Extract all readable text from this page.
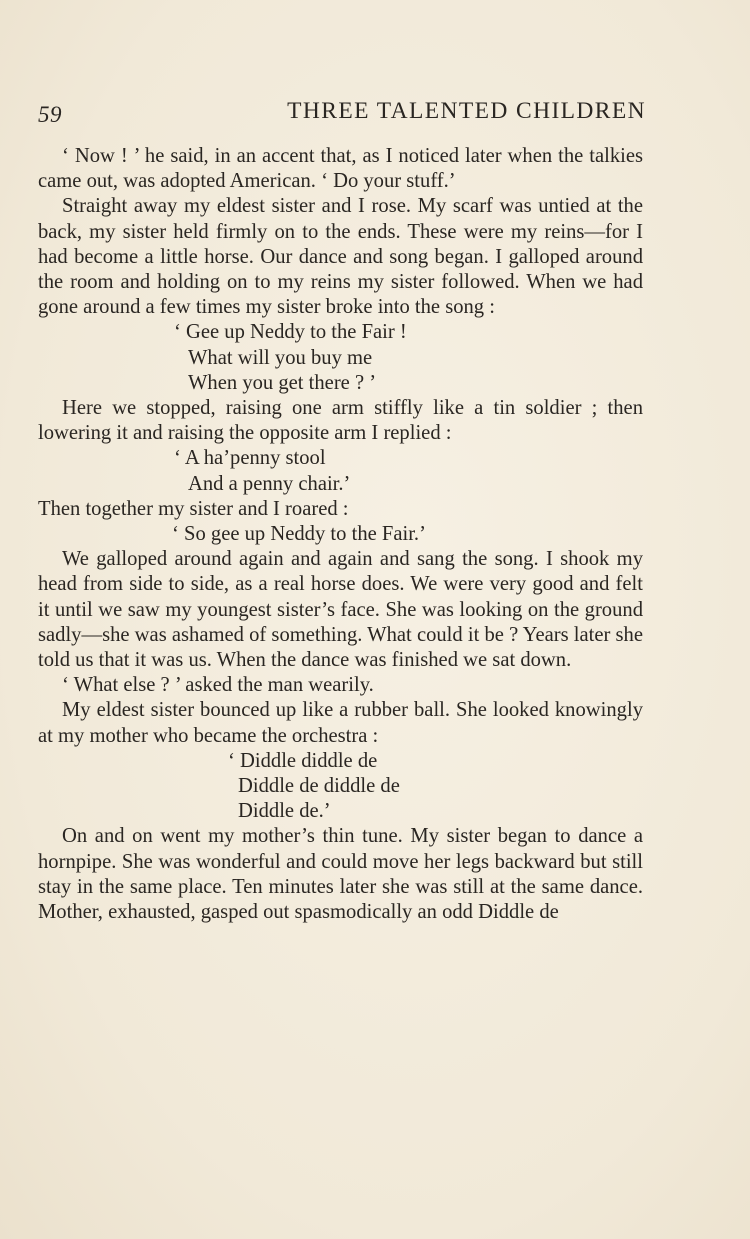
59	THREE TALENTED CHILDREN

‘ Now ! ’ he said, in an accent that, as I noticed later when the talkies came out, was adopted American. ‘ Do your stuff.’

Straight away my eldest sister and I rose. My scarf was untied at the back, my sister held firmly on to the ends. These were my reins—for I had become a little horse. Our dance and song began. I galloped around the room and holding on to my reins my sister followed. When we had gone around a few times my sister broke into the song :

‘ Gee up Neddy to the Fair !
What will you buy me
When you get there ? ’

Here we stopped, raising one arm stiffly like a tin soldier ; then lowering it and raising the opposite arm I replied :

‘ A ha’penny stool
And a penny chair.’

Then together my sister and I roared :

‘ So gee up Neddy to the Fair.’

We galloped around again and again and sang the song. I shook my head from side to side, as a real horse does. We were very good and felt it until we saw my youngest sister’s face. She was looking on the ground sadly—she was ashamed of something. What could it be ? Years later she told us that it was us. When the dance was finished we sat down.

‘ What else ? ’ asked the man wearily.

My eldest sister bounced up like a rubber ball. She looked knowingly at my mother who became the orchestra :

‘ Diddle diddle de
Diddle de diddle de
Diddle de.’

On and on went my mother’s thin tune. My sister began to dance a hornpipe. She was wonderful and could move her legs backward but still stay in the same place. Ten minutes later she was still at the same dance. Mother, exhausted, gasped out spasmodically an odd Diddle de
